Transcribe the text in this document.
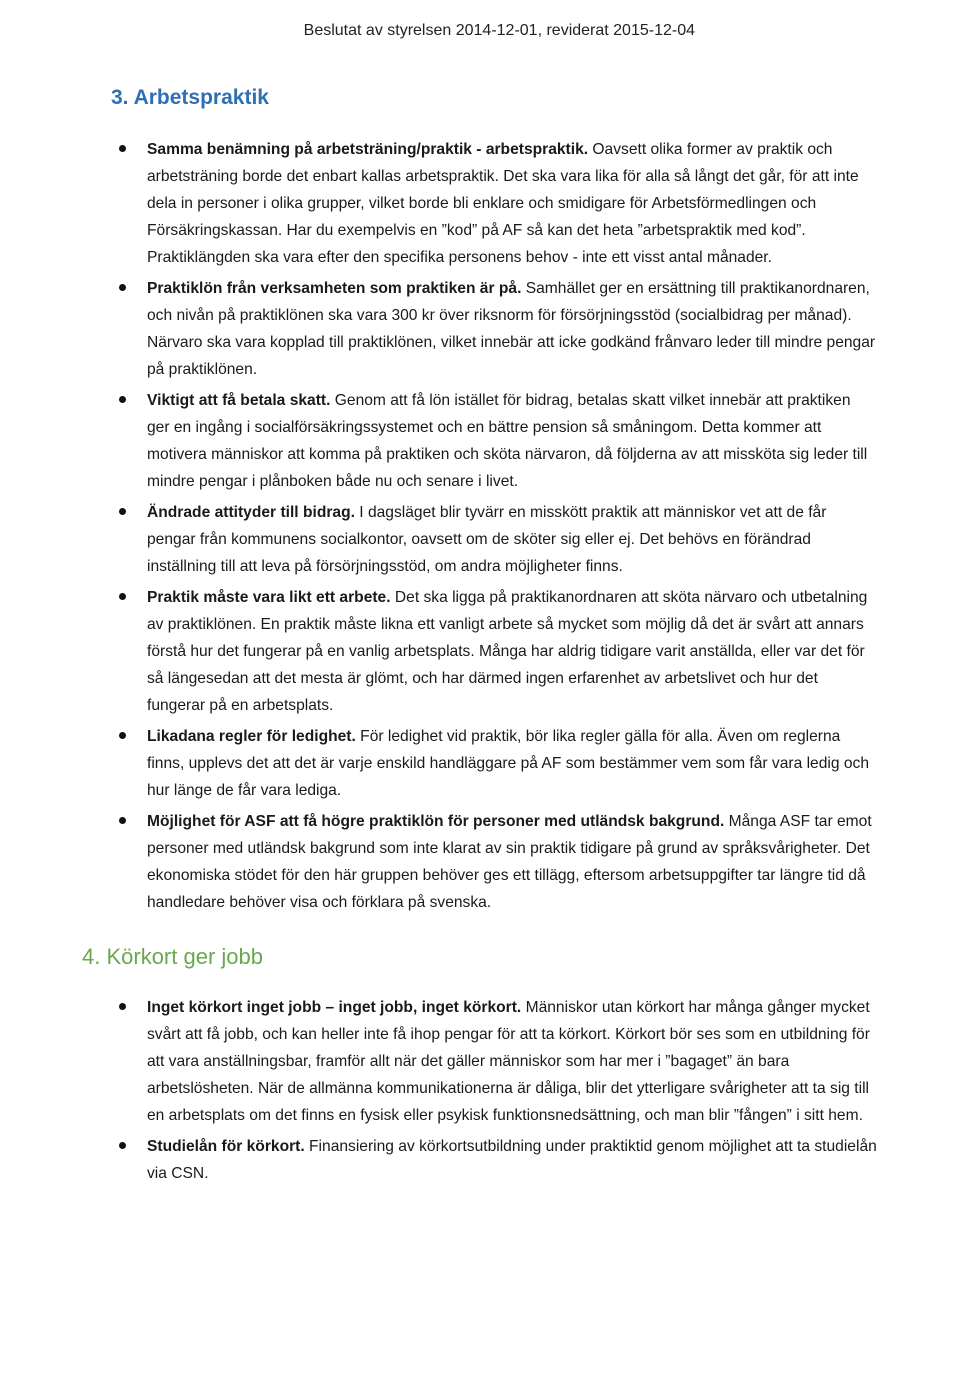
Beslutat av styrelsen 2014-12-01, reviderat 2015-12-04
3. Arbetspraktik
Samma benämning på arbetsträning/praktik - arbetspraktik. Oavsett olika former av praktik och arbetsträning borde det enbart kallas arbetspraktik. Det ska vara lika för alla så långt det går, för att inte dela in personer i olika grupper, vilket borde bli enklare och smidigare för Arbetsförmedlingen och Försäkringskassan. Har du exempelvis en ”kod” på AF så kan det heta ”arbetspraktik med kod”. Praktiklängden ska vara efter den specifika personens behov - inte ett visst antal månader.
Praktiklön från verksamheten som praktiken är på. Samhället ger en ersättning till praktikanordnaren, och nivån på praktiklönen ska vara 300 kr över riksnorm för försörjningsstöd (socialbidrag per månad). Närvaro ska vara kopplad till praktiklönen, vilket innebär att icke godkänd frånvaro leder till mindre pengar på praktiklönen.
Viktigt att få betala skatt. Genom att få lön istället för bidrag, betalas skatt vilket innebär att praktiken ger en ingång i socialförsäkringssystemet och en bättre pension så småningom. Detta kommer att motivera människor att komma på praktiken och sköta närvaron, då följderna av att missköta sig leder till mindre pengar i plånboken både nu och senare i livet.
Ändrade attityder till bidrag. I dagsläget blir tyvärr en misskött praktik att människor vet att de får pengar från kommunens socialkontor, oavsett om de sköter sig eller ej. Det behövs en förändrad inställning till att leva på försörjningsstöd, om andra möjligheter finns.
Praktik måste vara likt ett arbete. Det ska ligga på praktikanordnaren att sköta närvaro och utbetalning av praktiklönen. En praktik måste likna ett vanligt arbete så mycket som möjlig då det är svårt att annars förstå hur det fungerar på en vanlig arbetsplats. Många har aldrig tidigare varit anställda, eller var det för så längesedan att det mesta är glömt, och har därmed ingen erfarenhet av arbetslivet och hur det fungerar på en arbetsplats.
Likadana regler för ledighet. För ledighet vid praktik, bör lika regler gälla för alla. Även om reglerna finns, upplevs det att det är varje enskild handläggare på AF som bestämmer vem som får vara ledig och hur länge de får vara lediga.
Möjlighet för ASF att få högre praktiklön för personer med utländsk bakgrund. Många ASF tar emot personer med utländsk bakgrund som inte klarat av sin praktik tidigare på grund av språksvårigheter. Det ekonomiska stödet för den här gruppen behöver ges ett tillägg, eftersom arbetsuppgifter tar längre tid då handledare behöver visa och förklara på svenska.
4. Körkort ger jobb
Inget körkort inget jobb – inget jobb, inget körkort. Människor utan körkort har många gånger mycket svårt att få jobb, och kan heller inte få ihop pengar för att ta körkort. Körkort bör ses som en utbildning för att vara anställningsbar, framför allt när det gäller människor som har mer i ”bagaget” än bara arbetslösheten. När de allmänna kommunikationerna är dåliga, blir det ytterligare svårigheter att ta sig till en arbetsplats om det finns en fysisk eller psykisk funktionsnedsättning, och man blir ”fången” i sitt hem.
Studielån för körkort. Finansiering av körkortsutbildning under praktiktid genom möjlighet att ta studielån via CSN.
